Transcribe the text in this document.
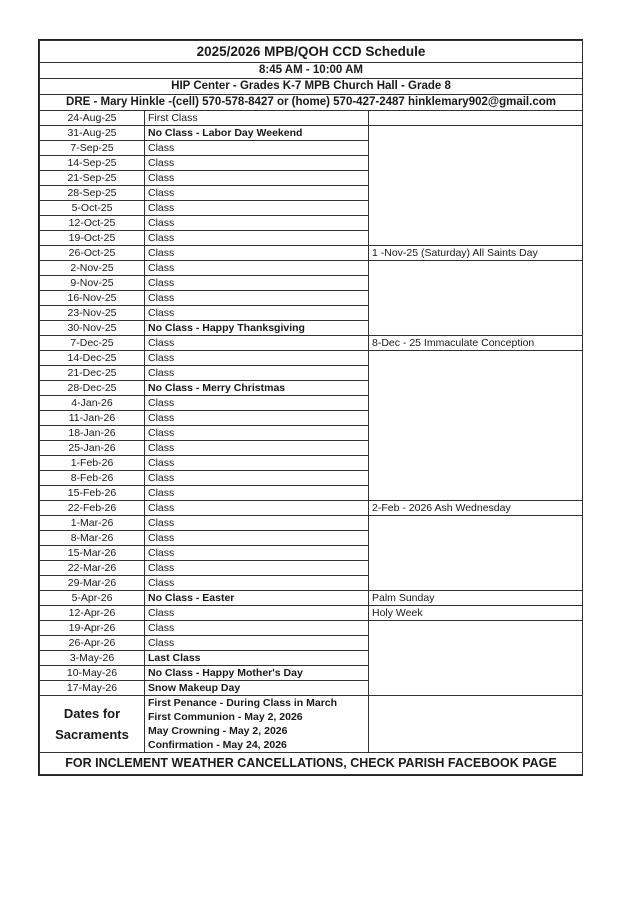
2025/2026 MPB/QOH CCD Schedule		
8:45 AM - 10:00 AM		
HIP Center - Grades K-7 MPB Church Hall - Grade 8		
DRE - Mary Hinkle -(cell) 570-578-8427 or (home) 570-427-2487 hinklemary902@gmail.com		
24-Aug-25	First Class	
31-Aug-25	No Class - Labor Day Weekend	
7-Sep-25	Class	
14-Sep-25	Class	
21-Sep-25	Class	
28-Sep-25	Class	
5-Oct-25	Class	
12-Oct-25	Class	
19-Oct-25	Class	
26-Oct-25	Class	1 -Nov-25 (Saturday) All Saints Day
2-Nov-25	Class	
9-Nov-25	Class	
16-Nov-25	Class	
23-Nov-25	Class	
30-Nov-25	No Class - Happy Thanksgiving	
7-Dec-25	Class	8-Dec - 25 Immaculate Conception
14-Dec-25	Class	
21-Dec-25	Class	
28-Dec-25	No Class - Merry Christmas	
4-Jan-26	Class	
11-Jan-26	Class	
18-Jan-26	Class	
25-Jan-26	Class	
1-Feb-26	Class	
8-Feb-26	Class	
15-Feb-26	Class	
22-Feb-26	Class	2-Feb - 2026 Ash Wednesday
1-Mar-26	Class	
8-Mar-26	Class	
15-Mar-26	Class	
22-Mar-26	Class	
29-Mar-26	Class	
5-Apr-26	No Class - Easter	Palm Sunday
12-Apr-26	Class	Holy Week
19-Apr-26	Class	
26-Apr-26	Class	
3-May-26	Last Class	
10-May-26	No Class - Happy Mother's Day	
17-May-26	Snow Makeup Day	
Dates for Sacraments	First Penance - During Class in March	
	First Communion - May 2, 2026	
	May Crowning - May 2, 2026	
	Confirmation - May 24, 2026	
FOR INCLEMENT WEATHER CANCELLATIONS, CHECK PARISH FACEBOOK PAGE		
